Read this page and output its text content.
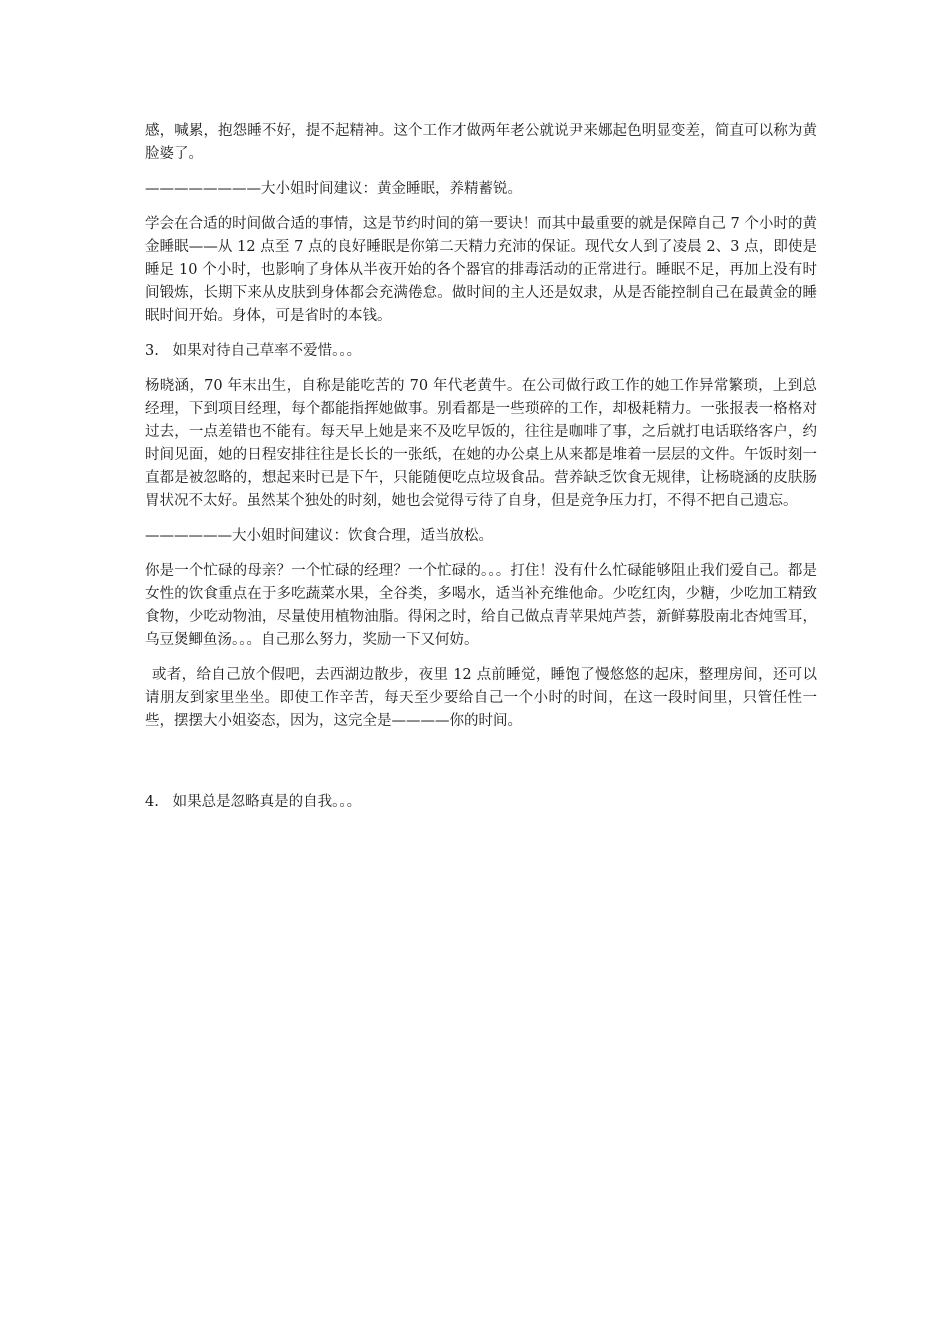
感，喊累，抱怨睡不好，提不起精神。这个工作才做两年老公就说尹来娜起色明显变差，简直可以称为黄脸婆了。

————————大小姐时间建议：黄金睡眠，养精蓄锐。

学会在合适的时间做合适的事情，这是节约时间的第一要诀！而其中最重要的就是保障自己 7 个小时的黄金睡眠——从 12 点至 7 点的良好睡眠是你第二天精力充沛的保证。现代女人到了凌晨 2、3 点，即使是睡足 10 个小时，也影响了身体从半夜开始的各个器官的排毒活动的正常进行。睡眠不足，再加上没有时间锻炼，长期下来从皮肤到身体都会充满倦怠。做时间的主人还是奴隶，从是否能控制自己在最黄金的睡眠时间开始。身体，可是省时的本钱。

3.   如果对待自己草率不爱惜。。。

杨晓涵，70 年末出生，自称是能吃苦的 70 年代老黄牛。在公司做行政工作的她工作异常繁琐，上到总经理，下到项目经理，每个都能指挥她做事。别看都是一些琐碎的工作，却极耗精力。一张报表一格格对过去，一点差错也不能有。每天早上她是来不及吃早饭的，往往是咖啡了事，之后就打电话联络客户，约时间见面，她的日程安排往往是长长的一张纸，在她的办公桌上从来都是堆着一层层的文件。午饭时刻一直都是被忽略的，想起来时已是下午，只能随便吃点垃圾食品。营养缺乏饮食无规律，让杨晓涵的皮肤肠胃状况不太好。虽然某个独处的时刻，她也会觉得亏待了自身，但是竞争压力打，不得不把自己遗忘。

——————大小姐时间建议：饮食合理，适当放松。

你是一个忙碌的母亲？一个忙碌的经理？一个忙碌的。。。打住！没有什么忙碌能够阻止我们爱自己。都是女性的饮食重点在于多吃蔬菜水果，全谷类，多喝水，适当补充维他命。少吃红肉，少糖，少吃加工精致食物，少吃动物油，尽量使用植物油脂。得闲之时，给自己做点青苹果炖芦荟，新鲜募股南北杏炖雪耳，乌豆煲鲫鱼汤。。。自己那么努力，奖励一下又何妨。

或者，给自己放个假吧，去西湖边散步，夜里 12 点前睡觉，睡饱了慢悠悠的起床，整理房间，还可以请朋友到家里坐坐。即使工作辛苦，每天至少要给自己一个小时的时间，在这一段时间里，只管任性一些，摆摆大小姐姿态，因为，这完全是————你的时间。

4.   如果总是忽略真是的自我。。。
